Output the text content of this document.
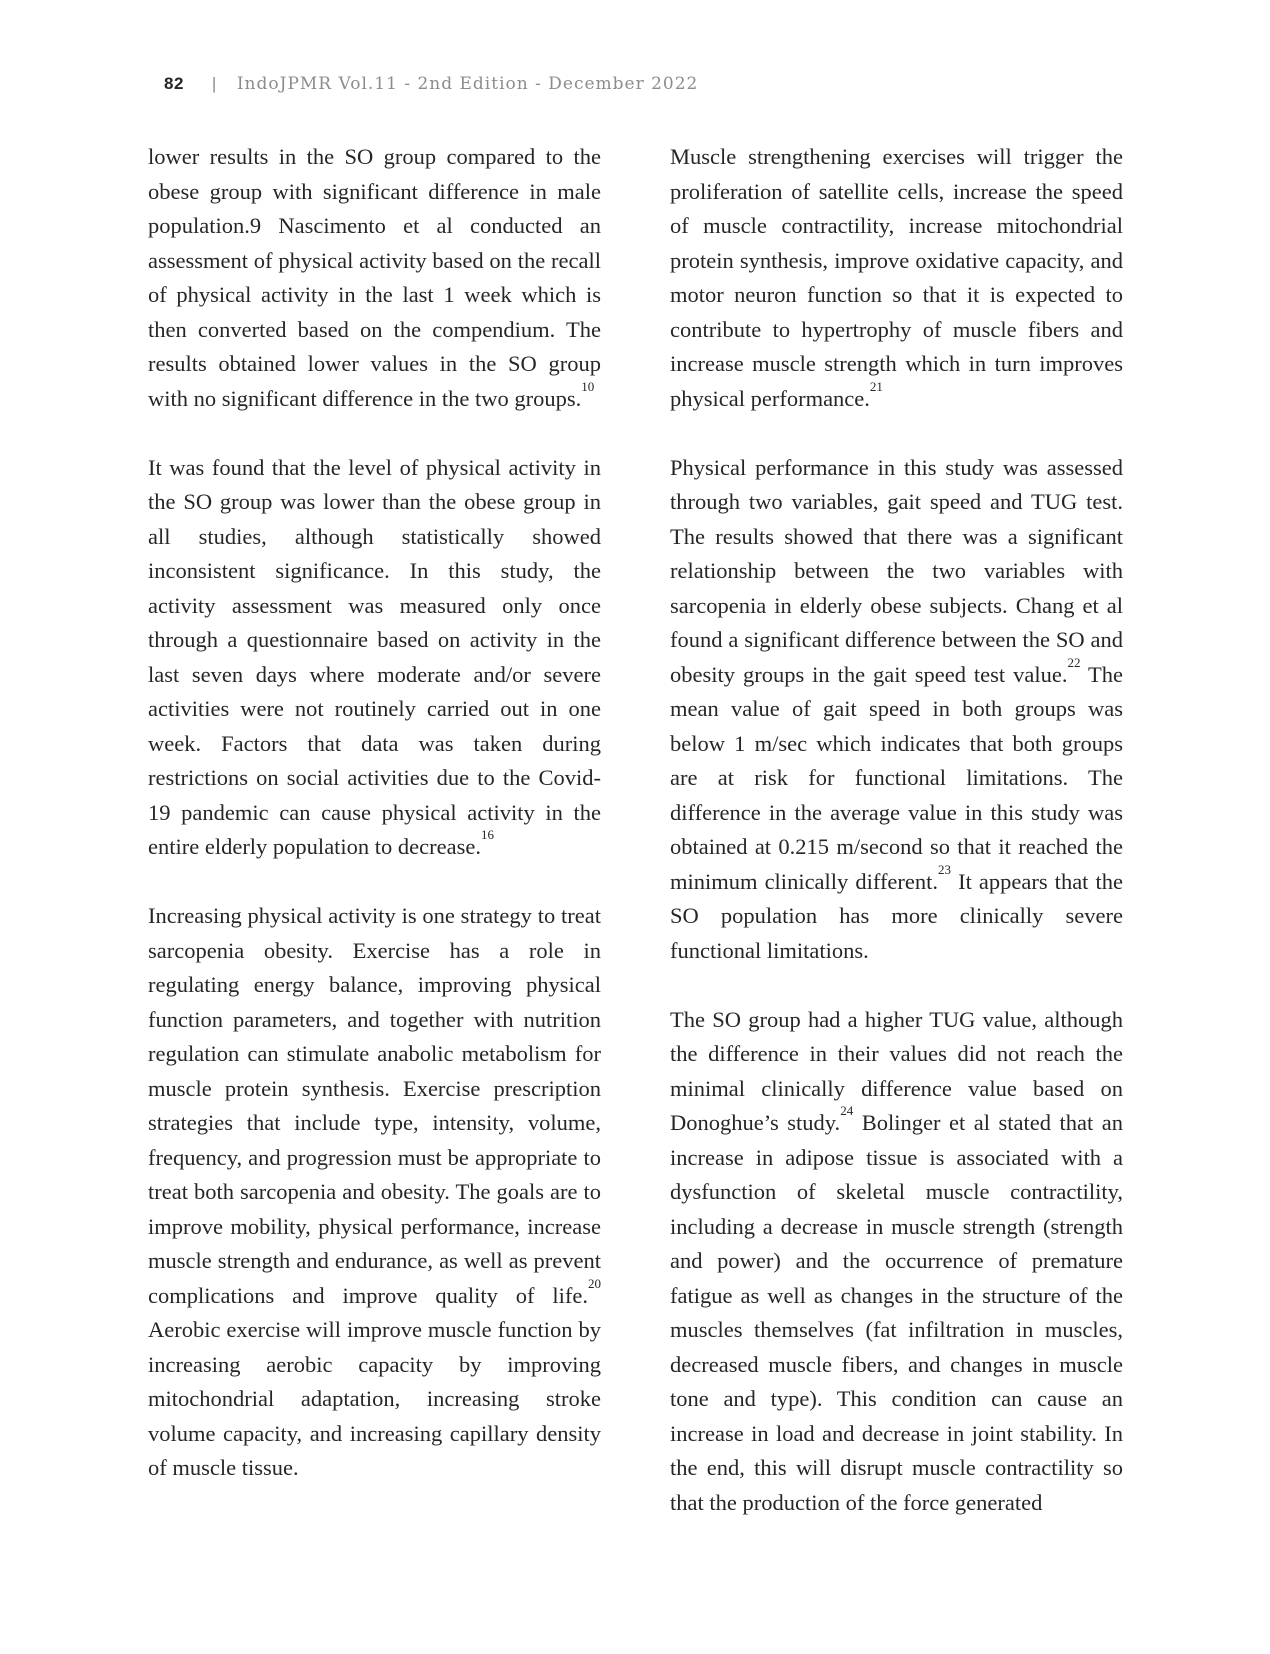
82 | IndoJPMR Vol.11 - 2nd Edition - December 2022

lower results in the SO group compared to the obese group with significant difference in male population.9 Nascimento et al conducted an assessment of physical activity based on the recall of physical activity in the last 1 week which is then converted based on the compendium. The results obtained lower values in the SO group with no significant difference in the two groups.$^{10}$

It was found that the level of physical activity in the SO group was lower than the obese group in all studies, although statistically showed inconsistent significance. In this study, the activity assessment was measured only once through a questionnaire based on activity in the last seven days where moderate and/or severe activities were not routinely carried out in one week. Factors that data was taken during restrictions on social activities due to the Covid-19 pandemic can cause physical activity in the entire elderly population to decrease.$^{16}$

Increasing physical activity is one strategy to treat sarcopenia obesity. Exercise has a role in regulating energy balance, improving physical function parameters, and together with nutrition regulation can stimulate anabolic metabolism for muscle protein synthesis. Exercise prescription strategies that include type, intensity, volume, frequency, and progression must be appropriate to treat both sarcopenia and obesity. The goals are to improve mobility, physical performance, increase muscle strength and endurance, as well as prevent complications and improve quality of life.$^{20}$ Aerobic exercise will improve muscle function by increasing aerobic capacity by improving mitochondrial adaptation, increasing stroke volume capacity, and increasing capillary density of muscle tissue.

Muscle strengthening exercises will trigger the proliferation of satellite cells, increase the speed of muscle contractility, increase mitochondrial protein synthesis, improve oxidative capacity, and motor neuron function so that it is expected to contribute to hypertrophy of muscle fibers and increase muscle strength which in turn improves physical performance.$^{21}$

Physical performance in this study was assessed through two variables, gait speed and TUG test. The results showed that there was a significant relationship between the two variables with sarcopenia in elderly obese subjects. Chang et al found a significant difference between the SO and obesity groups in the gait speed test value.$^{22}$ The mean value of gait speed in both groups was below 1 m/sec which indicates that both groups are at risk for functional limitations. The difference in the average value in this study was obtained at 0.215 m/second so that it reached the minimum clinically different.$^{23}$ It appears that the SO population has more clinically severe functional limitations.

The SO group had a higher TUG value, although the difference in their values did not reach the minimal clinically difference value based on Donoghue’s study.$^{24}$ Bolinger et al stated that an increase in adipose tissue is associated with a dysfunction of skeletal muscle contractility, including a decrease in muscle strength (strength and power) and the occurrence of premature fatigue as well as changes in the structure of the muscles themselves (fat infiltration in muscles, decreased muscle fibers, and changes in muscle tone and type). This condition can cause an increase in load and decrease in joint stability. In the end, this will disrupt muscle contractility so that the production of the force generated
